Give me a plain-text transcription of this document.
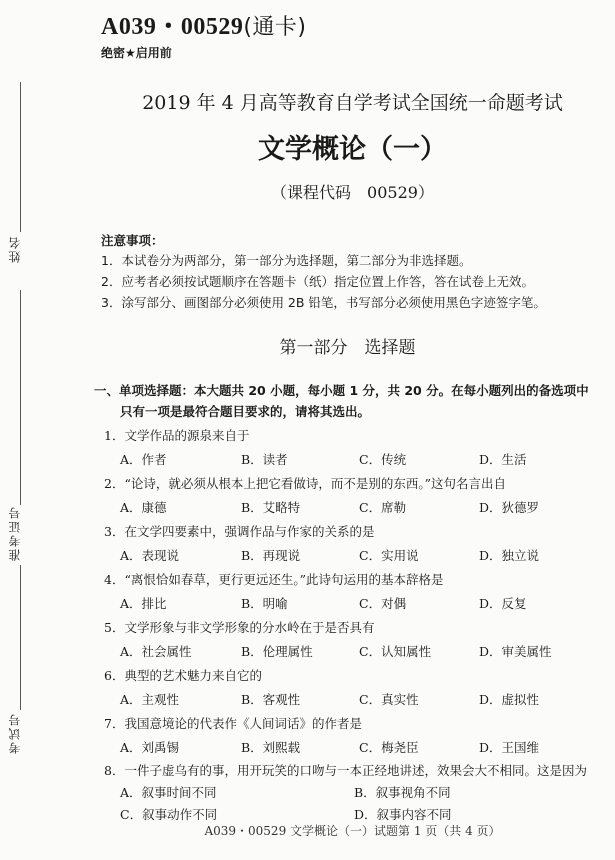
姓名
准考证号
考试号
A039・00529(通卡)
绝密★启用前
2019 年 4 月高等教育自学考试全国统一命题考试
文学概论（一）
（课程代码　00529）
注意事项：
1．本试卷分为两部分，第一部分为选择题，第二部分为非选择题。
2．应考者必须按试题顺序在答题卡（纸）指定位置上作答，答在试卷上无效。
3．涂写部分、画图部分必须使用 2B 铅笔，书写部分必须使用黑色字迹签字笔。
第一部分　选择题
一、单项选择题：本大题共 20 小题，每小题 1 分，共 20 分。在每小题列出的备选项中
只有一项是最符合题目要求的，请将其选出。
1．文学作品的源泉来自于
A．作者	B．读者	C．传统	D．生活
2．“论诗，就必须从根本上把它看做诗，而不是别的东西。”这句名言出自
A．康德	B．艾略特	C．席勒	D．狄德罗
3．在文学四要素中，强调作品与作家的关系的是
A．表现说	B．再现说	C．实用说	D．独立说
4．“离恨恰如春草，更行更远还生。”此诗句运用的基本辞格是
A．排比	B．明喻	C．对偶	D．反复
5．文学形象与非文学形象的分水岭在于是否具有
A．社会属性	B．伦理属性	C．认知属性	D．审美属性
6．典型的艺术魅力来自它的
A．主观性	B．客观性	C．真实性	D．虚拟性
7．我国意境论的代表作《人间词话》的作者是
A．刘禹锡	B．刘熙载	C．梅尧臣	D．王国维
8．一件子虚乌有的事，用开玩笑的口吻与一本正经地讲述，效果会大不相同。这是因为
A．叙事时间不同	B．叙事视角不同
C．叙事动作不同	D．叙事内容不同
A039・00529 文学概论（一）试题第 1 页（共 4 页）
